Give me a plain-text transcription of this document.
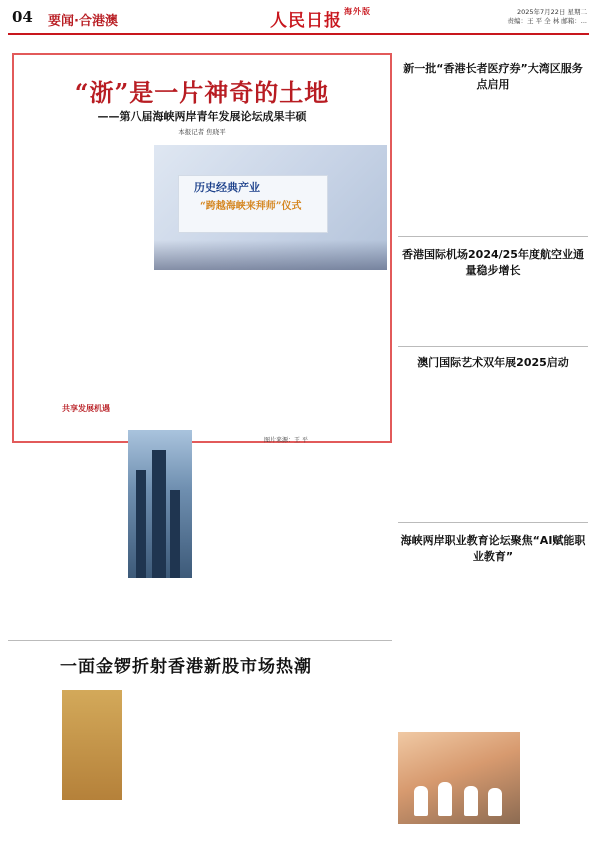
04 要闻·合港澳	人民日报 $^{海外版}$	2025年7月22日 星期二
责编：王 平 全 林 邮箱：...
“浙”是一片神奇的土地
——第八届海峡两岸青年发展论坛成果丰硕
本报记者 焦晓平
共享发展机遇
历史经典产业
“跨越海峡来拜师”仪式
图片来源：王 平
新一批“香港长者医疗券”大湾区服务点启用
香港国际机场2024/25年度航空业通量稳步增长
澳门国际艺术双年展2025启动
海峡两岸职业教育论坛聚焦“AI赋能职业教育”
一面金锣折射香港新股市场热潮
